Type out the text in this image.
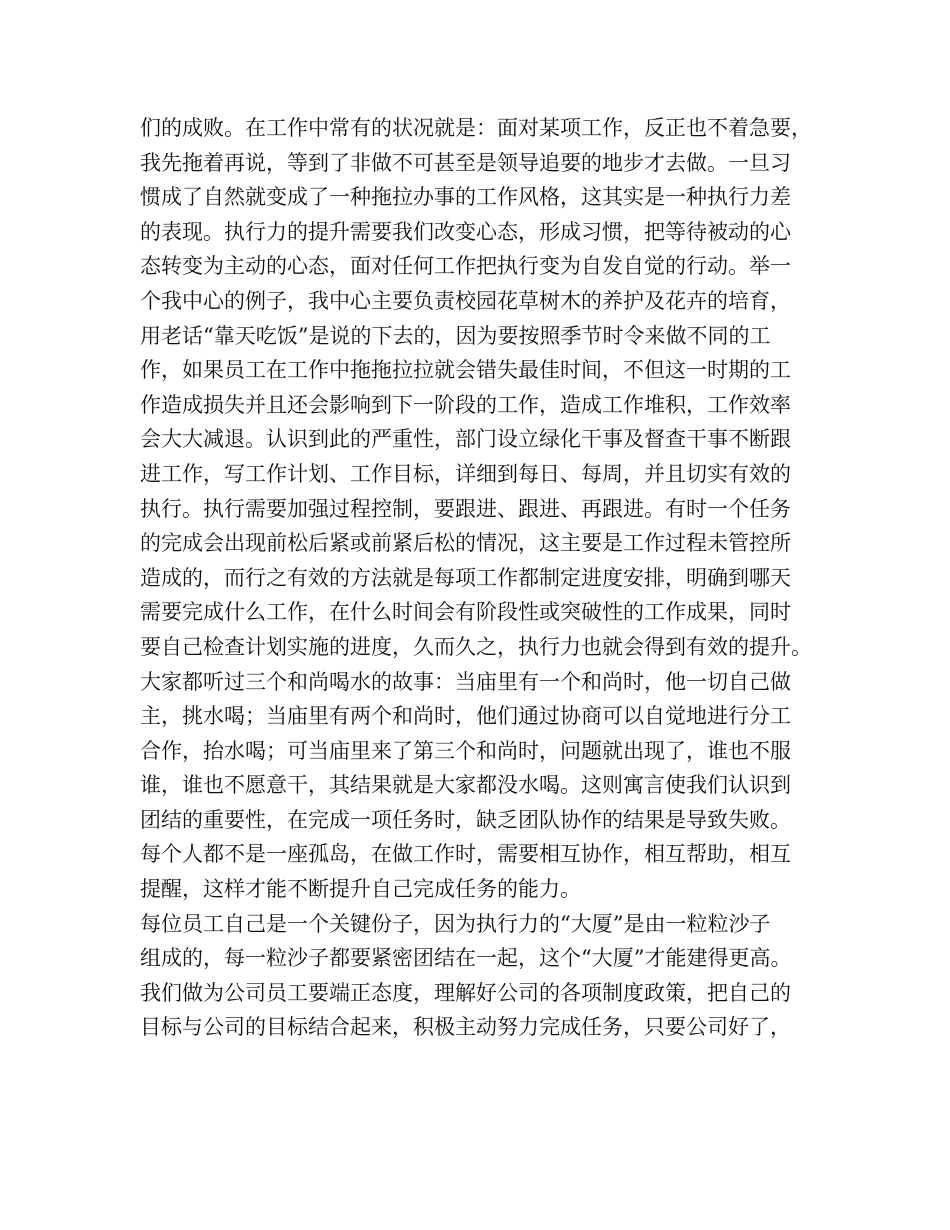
们的成败。在工作中常有的状况就是：面对某项工作，反正也不着急要，
我先拖着再说，等到了非做不可甚至是领导追要的地步才去做。一旦习
惯成了自然就变成了一种拖拉办事的工作风格，这其实是一种执行力差
的表现。执行力的提升需要我们改变心态，形成习惯，把等待被动的心
态转变为主动的心态，面对任何工作把执行变为自发自觉的行动。举一
个我中心的例子，我中心主要负责校园花草树木的养护及花卉的培育，
用老话“靠天吃饭”是说的下去的，因为要按照季节时令来做不同的工
作，如果员工在工作中拖拖拉拉就会错失最佳时间，不但这一时期的工
作造成损失并且还会影响到下一阶段的工作，造成工作堆积，工作效率
会大大减退。认识到此的严重性，部门设立绿化干事及督查干事不断跟
进工作，写工作计划、工作目标，详细到每日、每周，并且切实有效的
执行。执行需要加强过程控制，要跟进、跟进、再跟进。有时一个任务
的完成会出现前松后紧或前紧后松的情况，这主要是工作过程未管控所
造成的，而行之有效的方法就是每项工作都制定进度安排，明确到哪天
需要完成什么工作，在什么时间会有阶段性或突破性的工作成果，同时
要自己检查计划实施的进度，久而久之，执行力也就会得到有效的提升。
大家都听过三个和尚喝水的故事：当庙里有一个和尚时，他一切自己做
主，挑水喝；当庙里有两个和尚时，他们通过协商可以自觉地进行分工
合作，抬水喝；可当庙里来了第三个和尚时，问题就出现了，谁也不服
谁，谁也不愿意干，其结果就是大家都没水喝。这则寓言使我们认识到
团结的重要性，在完成一项任务时，缺乏团队协作的结果是导致失败。
每个人都不是一座孤岛，在做工作时，需要相互协作，相互帮助，相互
提醒，这样才能不断提升自己完成任务的能力。
每位员工自己是一个关键份子，因为执行力的“大厦”是由一粒粒沙子
组成的，每一粒沙子都要紧密团结在一起，这个“大厦”才能建得更高。
我们做为公司员工要端正态度，理解好公司的各项制度政策，把自己的
目标与公司的目标结合起来，积极主动努力完成任务，只要公司好了，
